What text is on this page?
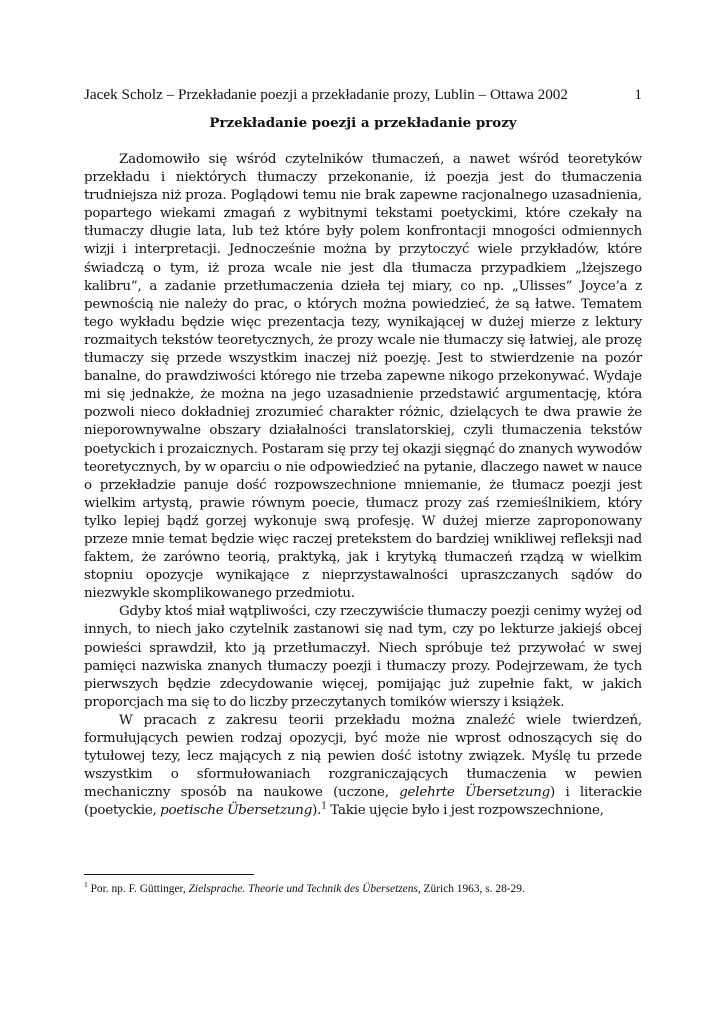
Jacek Scholz – Przekładanie poezji a przekładanie prozy, Lublin – Ottawa 2002	1
Przekładanie poezji a przekładanie prozy

Zadomowiło się wśród czytelników tłumaczeń, a nawet wśród teoretyków przekładu i niektórych tłumaczy przekonanie, iż poezja jest do tłumaczenia trudniejsza niż proza. Poglądowi temu nie brak zapewne racjonalnego uzasadnienia, popartego wiekami zmagań z wybitnymi tekstami poetyckimi, które czekały na tłumaczy długie lata, lub też które były polem konfrontacji mnogości odmiennych wizji i interpretacji. Jednocześnie można by przytoczyć wiele przykładów, które świadczą o tym, iż proza wcale nie jest dla tłumacza przypadkiem „lżejszego kalibru”, a zadanie przetłumaczenia dzieła tej miary, co np. „Ulisses” Joyce’a z pewnością nie należy do prac, o których można powiedzieć, że są łatwe. Tematem tego wykładu będzie więc prezentacja tezy, wynikającej w dużej mierze z lektury rozmaitych tekstów teoretycznych, że prozy wcale nie tłumaczy się łatwiej, ale prozę tłumaczy się przede wszystkim inaczej niż poezję. Jest to stwierdzenie na pozór banalne, do prawdziwości którego nie trzeba zapewne nikogo przekonywać. Wydaje mi się jednakże, że można na jego uzasadnienie przedstawić argumentację, która pozwoli nieco dokładniej zrozumieć charakter różnic, dzielących te dwa prawie że nieporownywalne obszary działalności translatorskiej, czyli tłumaczenia tekstów poetyckich i prozaicznych. Postaram się przy tej okazji sięgnąć do znanych wywodów teoretycznych, by w oparciu o nie odpowiedzieć na pytanie, dlaczego nawet w nauce o przekładzie panuje dość rozpowszechnione mniemanie, że tłumacz poezji jest wielkim artystą, prawie równym poecie, tłumacz prozy zaś rzemieślnikiem, który tylko lepiej bądź gorzej wykonuje swą profesję. W dużej mierze zaproponowany przeze mnie temat będzie więc raczej pretekstem do bardziej wnikliwej refleksji nad faktem, że zarówno teorią, praktyką, jak i krytyką tłumaczeń rządzą w wielkim stopniu opozycje wynikające z nieprzystawalności upraszczanych sądów do niezwykle skomplikowanego przedmiotu.

Gdyby ktoś miał wątpliwości, czy rzeczywiście tłumaczy poezji cenimy wyżej od innych, to niech jako czytelnik zastanowi się nad tym, czy po lekturze jakiejś obcej powieści sprawdził, kto ją przetłumaczył. Niech spróbuje też przywołać w swej pamięci nazwiska znanych tłumaczy poezji i tłumaczy prozy. Podejrzewam, że tych pierwszych będzie zdecydowanie więcej, pomijając już zupełnie fakt, w jakich proporcjach ma się to do liczby przeczytanych tomików wierszy i książek.

W pracach z zakresu teorii przekładu można znaleźć wiele twierdzeń, formułujących pewien rodzaj opozycji, być może nie wprost odnoszących się do tytułowej tezy, lecz mających z nią pewien dość istotny związek. Myślę tu przede wszystkim o sformułowaniach rozgraniczających tłumaczenia w pewien mechaniczny sposób na naukowe (uczone, gelehrte Übersetzung) i literackie (poetyckie, poetische Übersetzung).$^1$ Takie ujęcie było i jest rozpowszechnione,

$^1$ Por. np. F. Güttinger, Zielsprache. Theorie und Technik des Übersetzens, Zürich 1963, s. 28-29.
